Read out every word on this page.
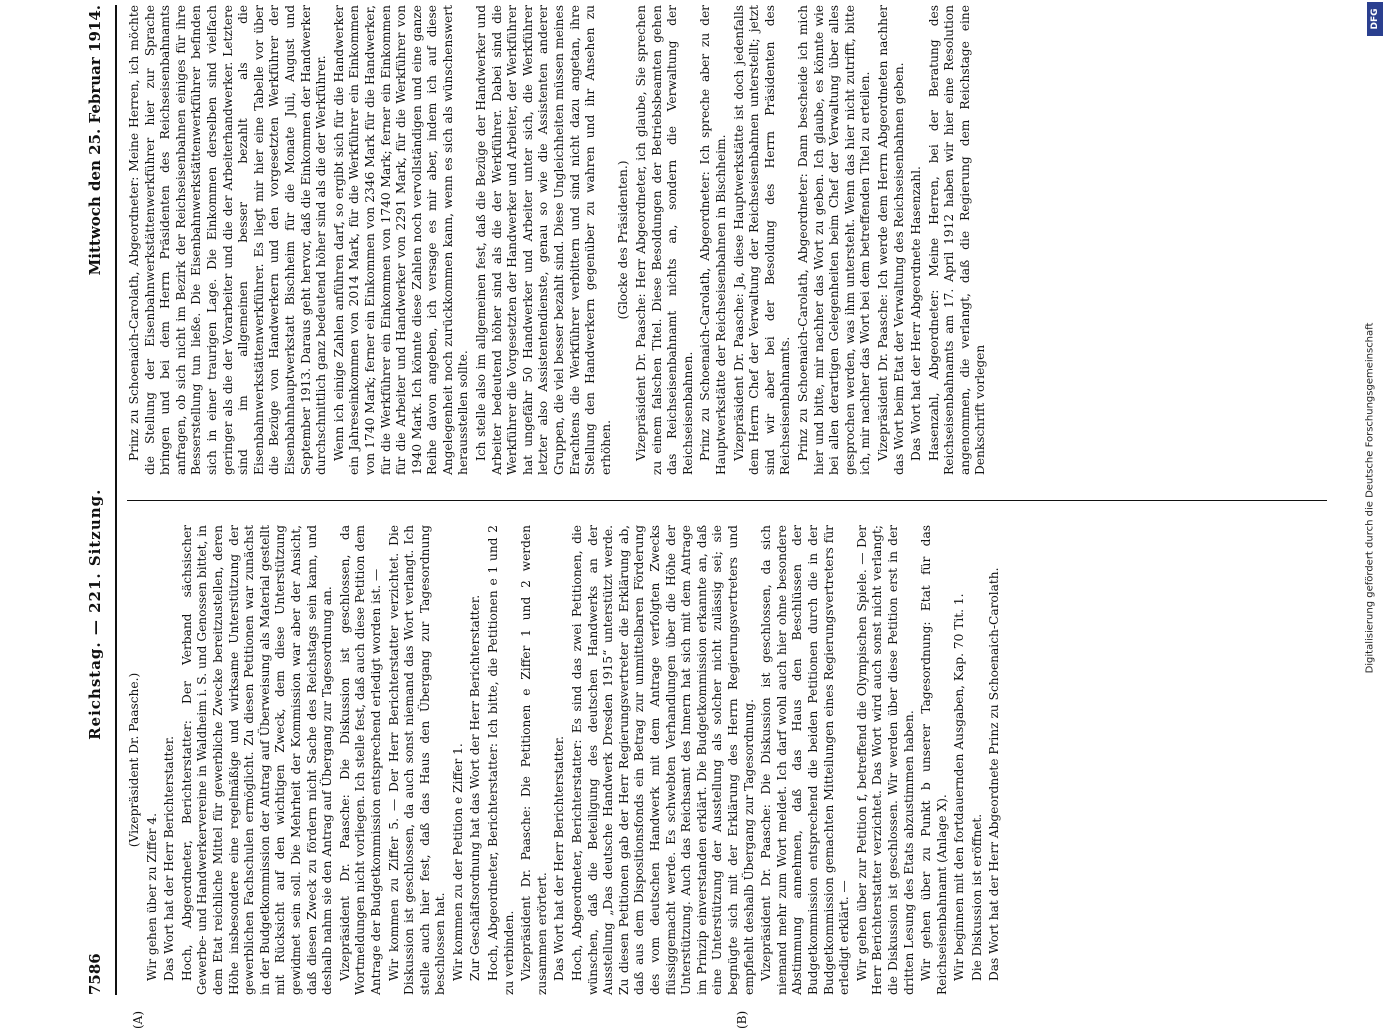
7586
Reichstag. — 221. Sitzung.
Mittwoch den 25. Februar 1914.

(Vizepräsident Dr. Paasche.)

Wir gehen über zu Ziffer 4. Das Wort hat der Herr Berichterstatter. Hoch, Abgeordneter, Berichterstatter: Der Verband sächsischer Gewerbe- und Handwerkervereine in Waldheim i. S. und Genossen bittet, in dem Etat reichliche Mittel für gewerbliche Zwecke bereitzustellen, deren Höhe insbesondere eine regelmäßige und wirksame Unterstützung der gewerblichen Fachschulen ermöglicht. Zu diesen Petitionen war zunächst in der Budgetkommission der Antrag auf Überweisung als Material gestellt mit Rücksicht auf den wichtigen Zweck, dem diese Unterstützung gewidmet sein soll. Die Mehrheit der Kommission war aber der Ansicht, daß diesen Zweck zu fördern nicht Sache des Reichstags sein kann, und deshalb nahm sie den Antrag auf Übergang zur Tagesordnung an. Vizepräsident Dr. Paasche: Die Diskussion ist geschlossen, da Wortmeldungen nicht vorliegen. Ich stelle fest, daß auch diese Petition dem Antrage der Budgetkommission entsprechend erledigt worden ist. — Wir kommen zu Ziffer 5. — Der Herr Berichterstatter verzichtet. Die Diskussion ist geschlossen, da auch sonst niemand das Wort verlangt. Ich stelle auch hier fest, daß das Haus den Übergang zur Tagesordnung beschlossen hat. Wir kommen zu der Petition e Ziffer 1. Zur Geschäftsordnung hat das Wort der Herr Berichterstatter. Hoch, Abgeordneter, Berichterstatter: Ich bitte, die Petitionen e 1 und 2 zu verbinden. Vizepräsident Dr. Paasche: Die Petitionen e Ziffer 1 und 2 werden zusammen erörtert. Das Wort hat der Herr Berichterstatter. Hoch, Abgeordneter, Berichterstatter: Es sind das zwei Petitionen, die wünschen, daß die Beteiligung des deutschen Handwerks an der Ausstellung „Das deutsche Handwerk Dresden 1915“ unterstützt werde. Zu diesen Petitionen gab der Herr Regierungsvertreter die Erklärung ab, daß aus dem Dispositionsfonds ein Betrag zur unmittelbaren Förderung des vom deutschen Handwerk mit dem Antrage verfolgten Zwecks flüssiggemacht werde. Es schwebten Verhandlungen über die Höhe der Unterstützung. Auch das Reichsamt des Innern hat sich mit dem Antrage im Prinzip einverstanden erklärt. Die Budgetkommission erkannte an, daß eine Unterstützung der Ausstellung als solcher nicht zulässig sei; sie begnügte sich mit der Erklärung des Herrn Regierungsvertreters und empfiehlt deshalb Übergang zur Tagesordnung. Vizepräsident Dr. Paasche: Die Diskussion ist geschlossen, da sich niemand mehr zum Wort meldet. Ich darf wohl auch hier ohne besondere Abstimmung annehmen, daß das Haus den Beschlüssen der Budgetkommission entsprechend die beiden Petitionen durch die in der Budgetkommission gemachten Mitteilungen eines Regierungsvertreters für erledigt erklärt. — Wir gehen über zur Petition f, betreffend die Olympischen Spiele. — Der Herr Berichterstatter verzichtet. Das Wort wird auch sonst nicht verlangt; die Diskussion ist geschlossen. Wir werden über diese Petition erst in der dritten Lesung des Etats abzustimmen haben. Wir gehen über zu Punkt b unserer Tagesordnung: Etat für das Reichseisenbahnamt (Anlage X). Wir beginnen mit den fortdauernden Ausgaben, Kap. 70 Tit. 1. Die Diskussion ist eröffnet. Das Wort hat der Herr Abgeordnete Prinz zu Schoenaich-Carolath.

Prinz zu Schoenaich-Carolath, Abgeordneter: Meine Herren, ich möchte die Stellung der Eisenbahnwerkstättenwerkführer hier zur Sprache bringen und bei dem Herrn Präsidenten des Reichseisenbahnamts anfragen, ob sich nicht im Bezirk der Reichseisenbahnen einiges für ihre Besserstellung tun ließe. Die Eisenbahnwerkstättenwerkführer befinden sich in einer traurigen Lage. Die Einkommen derselben sind vielfach geringer als die der Vorarbeiter und die der Arbeiterhandwerker. Letztere sind im allgemeinen besser bezahlt als die Eisenbahnwerkstättenwerkführer. Es liegt mir hier eine Tabelle vor über die Bezüge von Handwerkern und den vorgesetzten Werkführer der Eisenbahnhauptwerkstatt Bischheim für die Monate Juli, August und September 1913. Daraus geht hervor, daß die Einkommen der Handwerker durchschnittlich ganz bedeutend höher sind als die der Werkführer. Wenn ich einige Zahlen anführen darf, so ergibt sich für die Handwerker ein Jahreseinkommen von 2014 Mark, für die Werkführer ein Einkommen von 1740 Mark; ferner ein Einkommen von 2346 Mark für die Handwerker, für die Werkführer ein Einkommen von 1740 Mark; ferner ein Einkommen für die Arbeiter und Handwerker von 2291 Mark, für die Werkführer von 1940 Mark. Ich könnte diese Zahlen noch vervollständigen und eine ganze Reihe davon angeben, ich versage es mir aber, indem ich auf diese Angelegenheit noch zurückkommen kann, wenn es sich als wünschenswert herausstellen sollte. Ich stelle also im allgemeinen fest, daß die Bezüge der Handwerker und Arbeiter bedeutend höher sind als die der Werkführer. Dabei sind die Werkführer die Vorgesetzten der Handwerker und Arbeiter, der Werkführer hat ungefähr 50 Handwerker und Arbeiter unter sich, die Werkführer letzter also Assistentendienste, genau so wie die Assistenten anderer Gruppen, die viel besser bezahlt sind. Diese Ungleichheiten müssen meines Erachtens die Werkführer verbittern und sind nicht dazu angetan, ihre Stellung den Handwerkern gegenüber zu wahren und ihr Ansehen zu erhöhen.

(Glocke des Präsidenten.) Vizepräsident Dr. Paasche: Herr Abgeordneter, ich glaube, Sie sprechen zu einem falschen Titel. Diese Besoldungen der Betriebsbeamten gehen das Reichseisenbahnamt nichts an, sondern die Verwaltung der Reichseisenbahnen. Prinz zu Schoenaich-Carolath, Abgeordneter: Ich spreche aber zu der Hauptwerkstätte der Reichseisenbahnen in Bischheim. Vizepräsident Dr. Paasche: Ja, diese Hauptwerkstätte ist doch jedenfalls dem Herrn Chef der Verwaltung der Reichseisenbahnen unterstellt; jetzt sind wir aber bei der Besoldung des Herrn Präsidenten des Reichseisenbahnamts. Prinz zu Schoenaich-Carolath, Abgeordneter: Dann bescheide ich mich hier und bitte, mir nachher das Wort zu geben. Ich glaube, es könnte wie bei allen derartigen Gelegenheiten beim Chef der Verwaltung über alles gesprochen werden, was ihm untersteht. Wenn das hier nicht zutrifft, bitte ich, mir nachher das Wort bei dem betreffenden Titel zu erteilen. Vizepräsident Dr. Paasche: Ich werde dem Herrn Abgeordneten nachher das Wort beim Etat der Verwaltung des Reichseisenbahnen geben. Das Wort hat der Herr Abgeordnete Hasenzahl. Hasenzahl, Abgeordneter: Meine Herren, bei der Beratung des Reichseisenbahnamts am 17. April 1912 haben wir hier eine Resolution angenommen, die verlangt, daß die Regierung dem Reichstage eine Denkschrift vorlegen

(A)	(B)
Digitalisierung gefördert durch die Deutsche Forschungsgemeinschaft
DFG
